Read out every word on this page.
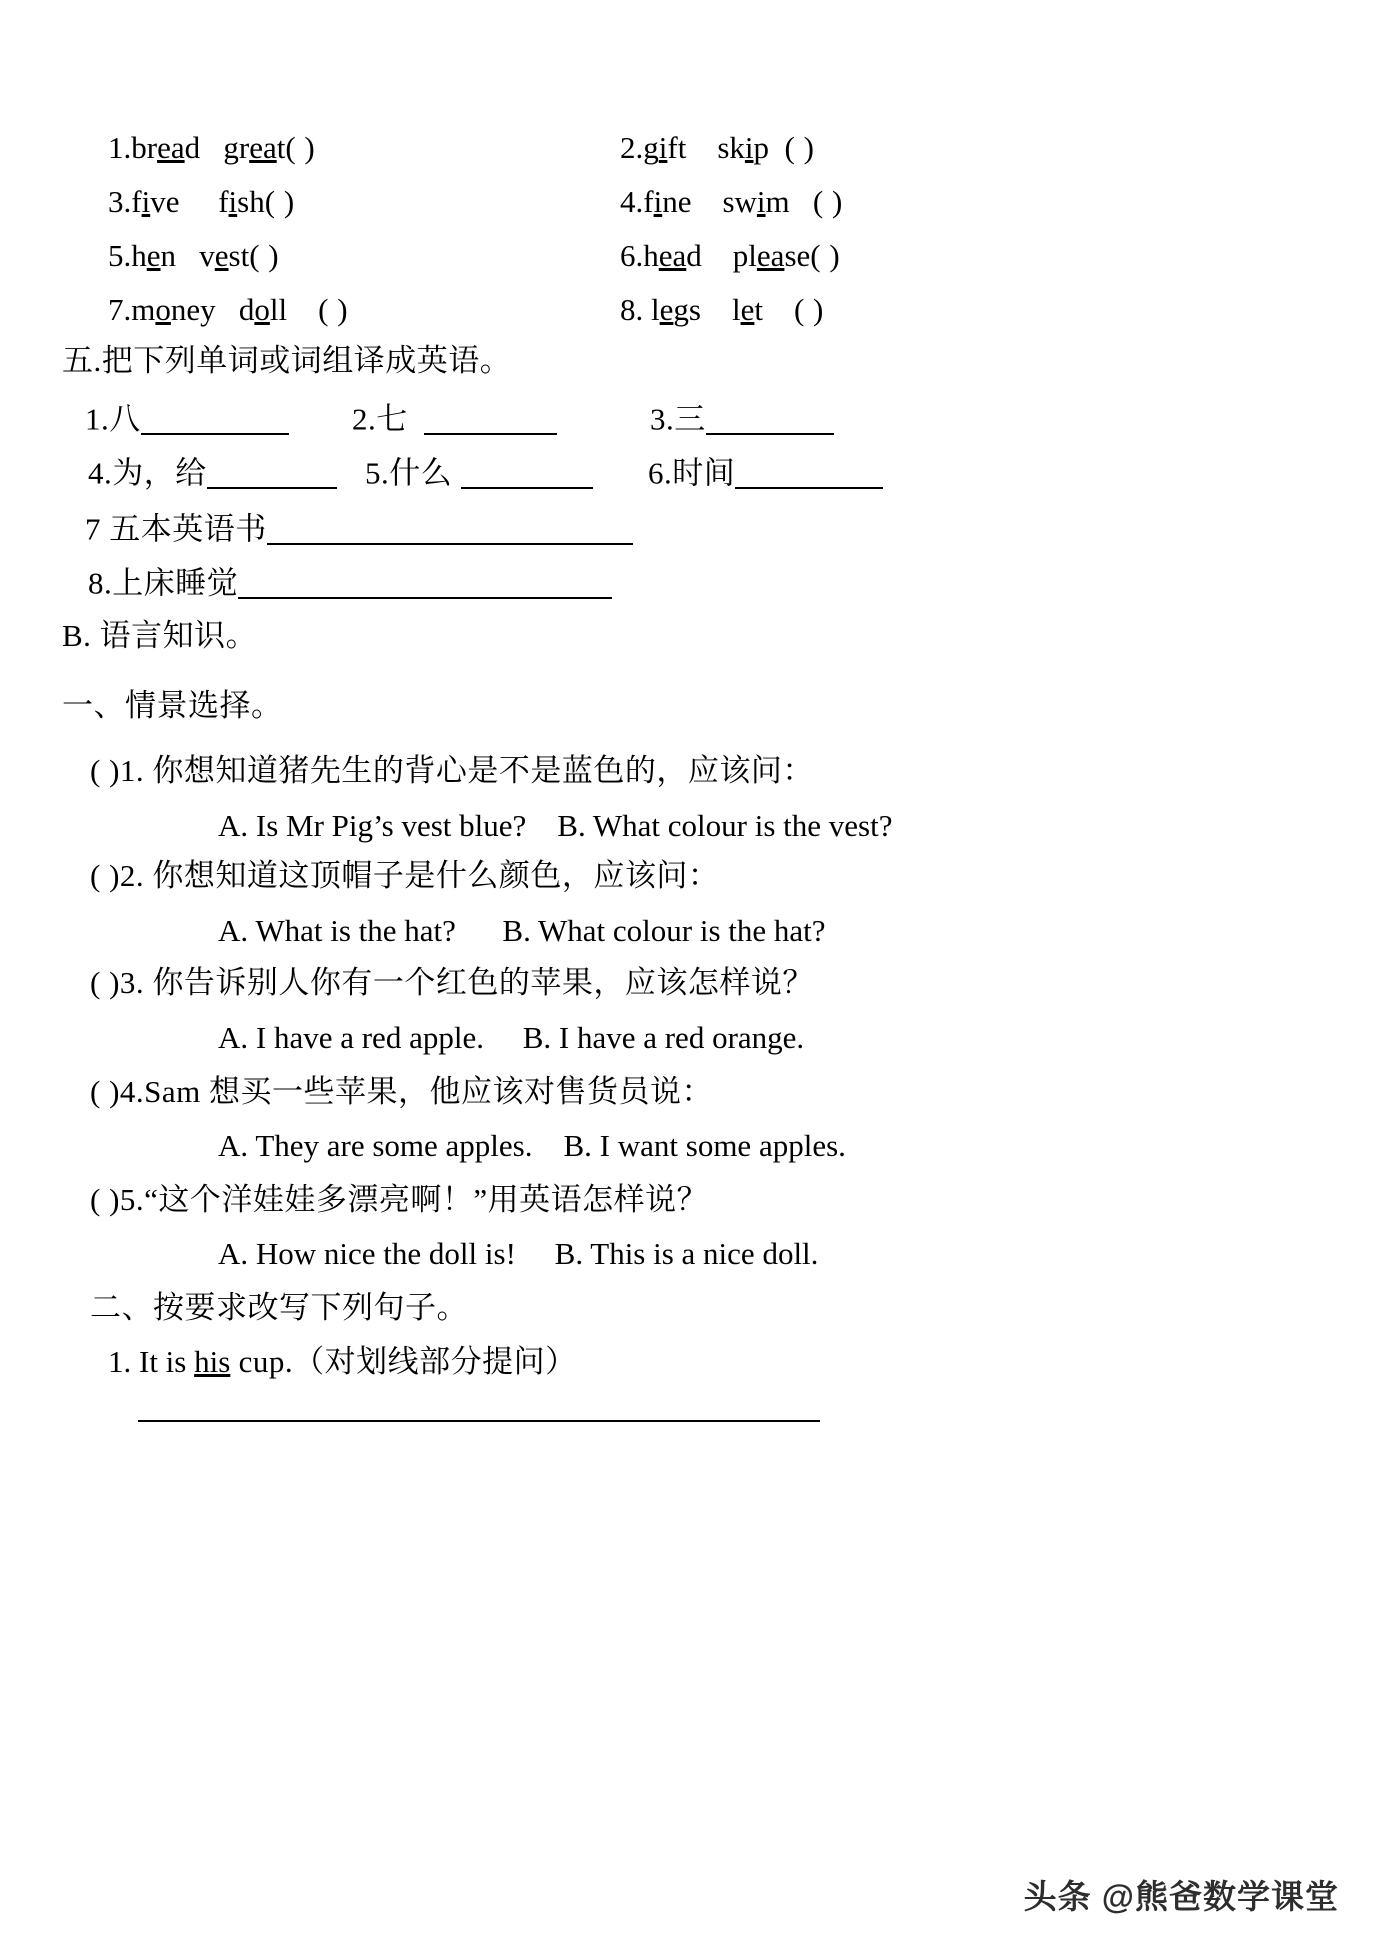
1.bread great( )	2.gift skip ( )
3.five fish( )	4.fine swim ( )
5.hen vest( )	6.head please( )
7.money doll ( )	8. legs let ( )
五.把下列单词或词组译成英语。
1.八	2.七	3.三
4.为，给	5.什么	6.时间
7 五本英语书
8.上床睡觉
B. 语言知识。
一、情景选择。
( )1. 你想知道猪先生的背心是不是蓝色的，应该问：
A. Is Mr Pig’s vest blue? B. What colour is the vest?
( )2. 你想知道这顶帽子是什么颜色，应该问：
A. What is the hat? B. What colour is the hat?
( )3. 你告诉别人你有一个红色的苹果，应该怎样说？
A. I have a red apple. B. I have a red orange.
( )4.Sam 想买一些苹果，他应该对售货员说：
A. They are some apples. B. I want some apples.
( )5.“这个洋娃娃多漂亮啊！”用英语怎样说？
A. How nice the doll is! B. This is a nice doll.
二、按要求改写下列句子。
1. It is his cup.（对划线部分提问）
头条 @熊爸数学课堂
